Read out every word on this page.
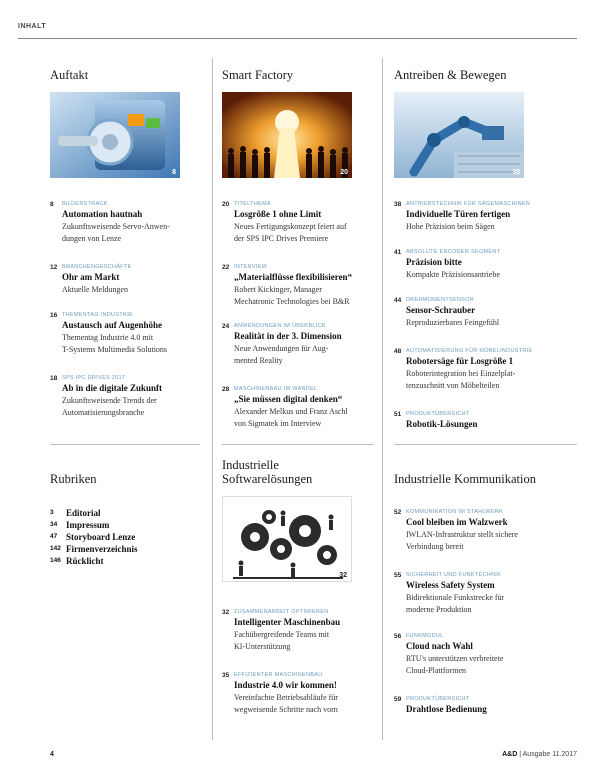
INHALT
Auftakt	Smart Factory	Antreiben & Bewegen
Rubriken
Industrielle
Softwarelösungen	Industrielle Kommunikation
8	20	38
32
8 BILDERSTRACK
Automation hautnah
Zukunftsweisende Servo-Anwen-
dungen von Lenze
12 BRANCHENGESCHÄFTE
Ohr am Markt
Aktuelle Meldungen
16 THEMENTAG INDUSTRIE
Austausch auf Augenhöhe
Thementag Industrie 4.0 mit
T-Systems Multimedia Solutions
18 SPS IPC DRIVES 2017
Ab in die digitale Zukunft
Zukunftsweisende Trends der
Automatisierungsbranche
20 TITELTHEMA
Losgröße 1 ohne Limit
Neues Fertigungskonzept feiert auf
der SPS IPC Drives Premiere
22 INTERVIEW
„Materialflüsse flexibilisieren“
Robert Kickinger, Manager
Mechatronic Technologies bei B&R
24 ANWENDUNGEN IM ÜBERBLICK
Realität in der 3. Dimension
Neue Anwendungen für Aug-
mented Reality
28 MASCHINENBAU IM WANDEL
„Sie müssen digital denken“
Alexander Melkus und Franz Aschl
von Sigmatek im Interview
38 ANTRIEBSTECHNIK FÜR SÄGEMASCHINEN
Individuelle Türen fertigen
Hohe Präzision beim Sägen
41 ABSOLUTE ENCODER SEGMENT
Präzision bitte
Kompakte Präzisionsantriebe
44 DREHMOMENTSENSOR
Sensor-Schrauber
Reproduzierbares Feingefühl
48 AUTOMATISIERUNG FÜR MÖBELINDUSTRIE
Robotersäge für Losgröße 1
Roboterintegration bei Einzelplat-
tenzuschnitt von Möbelteilen
51 PRODUKTÜBERSICHT
Robotik-Lösungen
3 Editorial
34 Impressum
47 Storyboard Lenze
142 Firmenverzeichnis
146 Rücklicht
32 ZUSAMMENARBEIT OPTIMIEREN
Intelligenter Maschinenbau
Fachübergreifende Teams mit
KI-Unterstützung
35 EFFIZIENTER MASCHINENBAU
Industrie 4.0 wir kommen!
Vereinfachte Betriebsabläufe für
wegweisende Schritte nach vorn
52 KOMMUNIKATION IM STAHLWERK
Cool bleiben im Walzwerk
IWLAN-Infrastruktur stellt sichere
Verbindung bereit
55 SICHERHEIT UND FUNKTECHNIK
Wireless Safety System
Bidirektionale Funkstrecke für
moderne Produktion
56 FUNKMODUL
Cloud nach Wahl
RTU's unterstützen verbreitete
Cloud-Plattformen
59 PRODUKTÜBERSICHT
Drahtlose Bedienung
4	A&D | Ausgabe 11.2017
